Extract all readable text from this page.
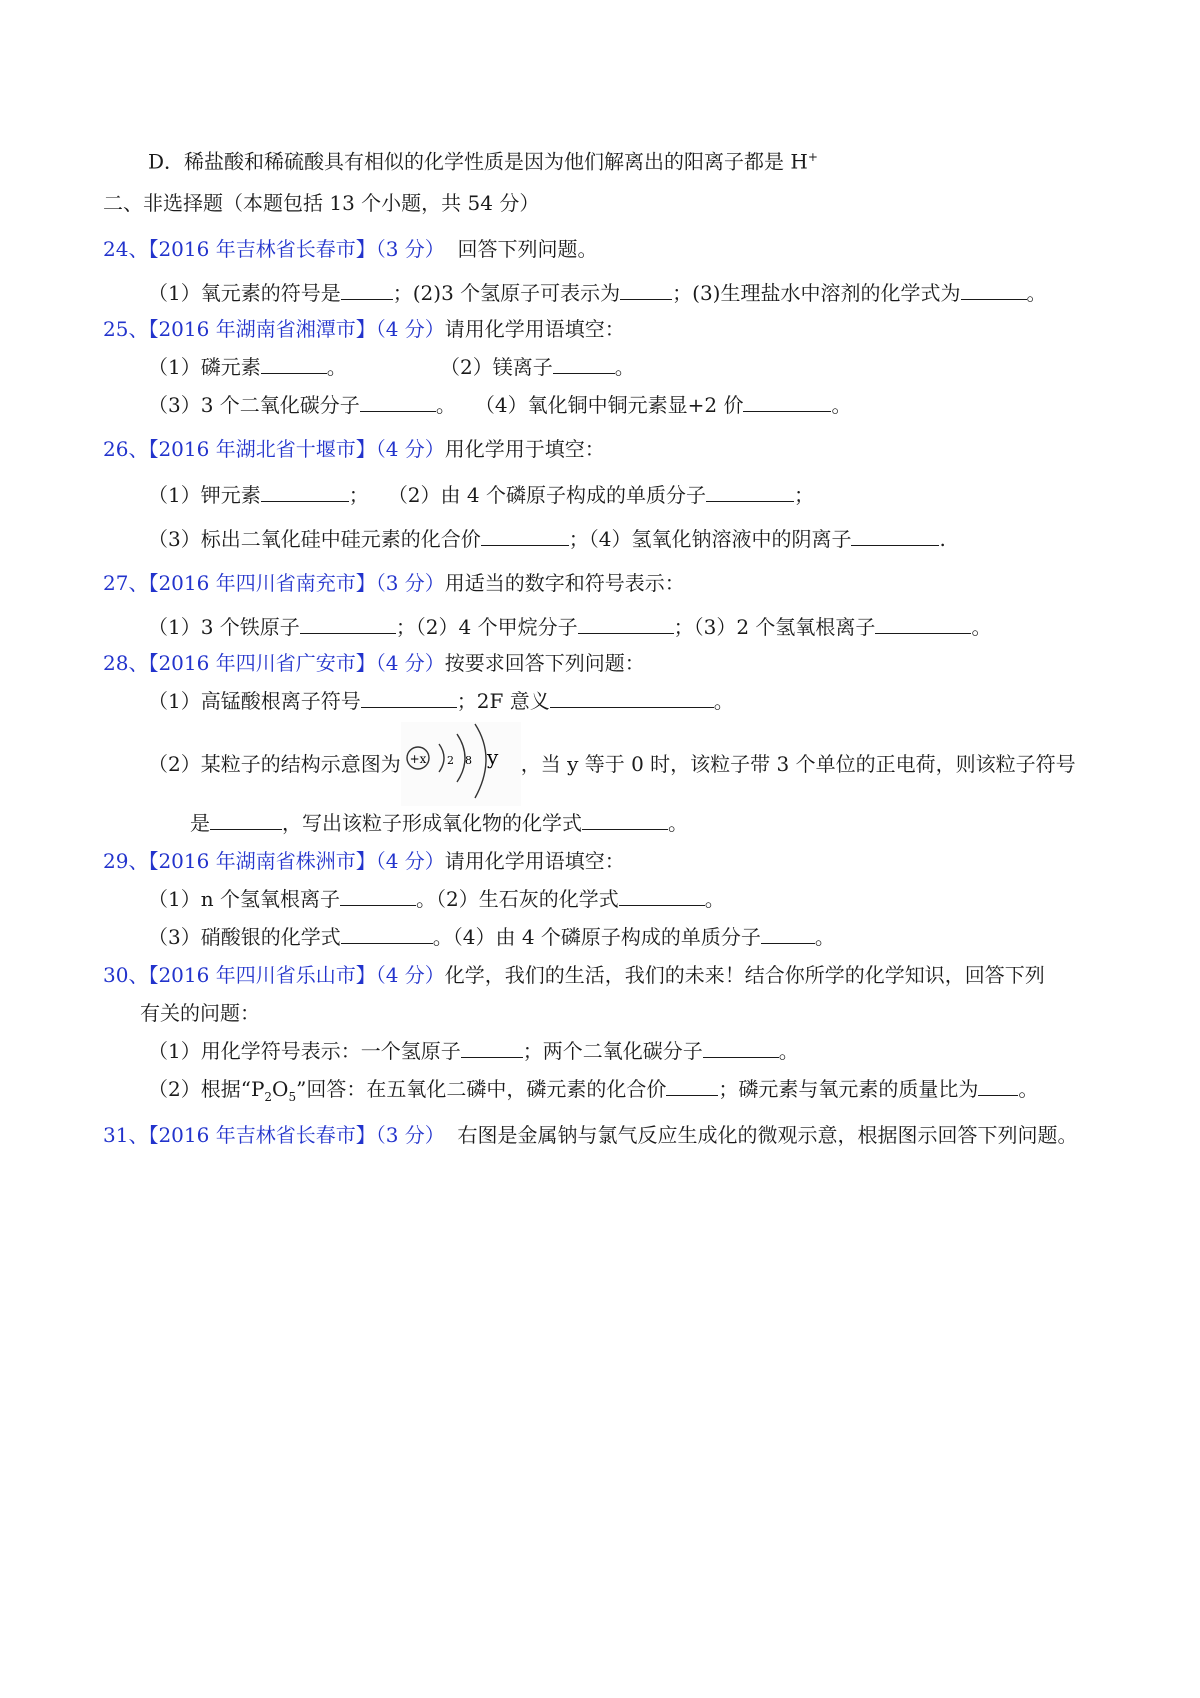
D．稀盐酸和稀硫酸具有相似的化学性质是因为他们解离出的阳离子都是 H+
二、非选择题（本题包括 13 个小题，共 54 分）
24、【2016 年吉林省长春市】（3 分） 回答下列问题。
（1）氧元素的符号是	；(2)3 个氢原子可表示为	；(3)生理盐水中溶剂的化学式为	。
25、【2016 年湖南省湘潭市】（4 分）请用化学用语填空：
（1）磷元素	。	（2）镁离子	。
（3）3 个二氧化碳分子	。 （4）氧化铜中铜元素显+2 价	。
26、【2016 年湖北省十堰市】（4 分）用化学用于填空：
（1）钾元素	； （2）由 4 个磷原子构成的单质分子	；
（3）标出二氧化硅中硅元素的化合价	；（4）氢氧化钠溶液中的阴离子	.
27、【2016 年四川省南充市】（3 分）用适当的数字和符号表示：
（1）3 个铁原子	；（2）4 个甲烷分子	；（3）2 个氢氧根离子	。
28、【2016 年四川省广安市】（4 分）按要求回答下列问题：
（1）高锰酸根离子符号	；2F 意义	。
（2）某粒子的结构示意图为 +x 2 8 y ，当 y 等于 0 时，该粒子带 3 个单位的正电荷，则该粒子符号
是	，写出该粒子形成氧化物的化学式	。
29、【2016 年湖南省株洲市】（4 分）请用化学用语填空：
（1）n 个氢氧根离子	。（2）生石灰的化学式	。
（3）硝酸银的化学式	。（4）由 4 个磷原子构成的单质分子	。
30、【2016 年四川省乐山市】（4 分）化学，我们的生活，我们的未来！结合你所学的化学知识，回答下列
有关的问题：
（1）用化学符号表示：一个氢原子	；两个二氧化碳分子	。
（2）根据“$P_2O_5$”回答：在五氧化二磷中，磷元素的化合价	；磷元素与氧元素的质量比为 。
31、【2016 年吉林省长春市】（3 分） 右图是金属钠与氯气反应生成化的微观示意，根据图示回答下列问题。
